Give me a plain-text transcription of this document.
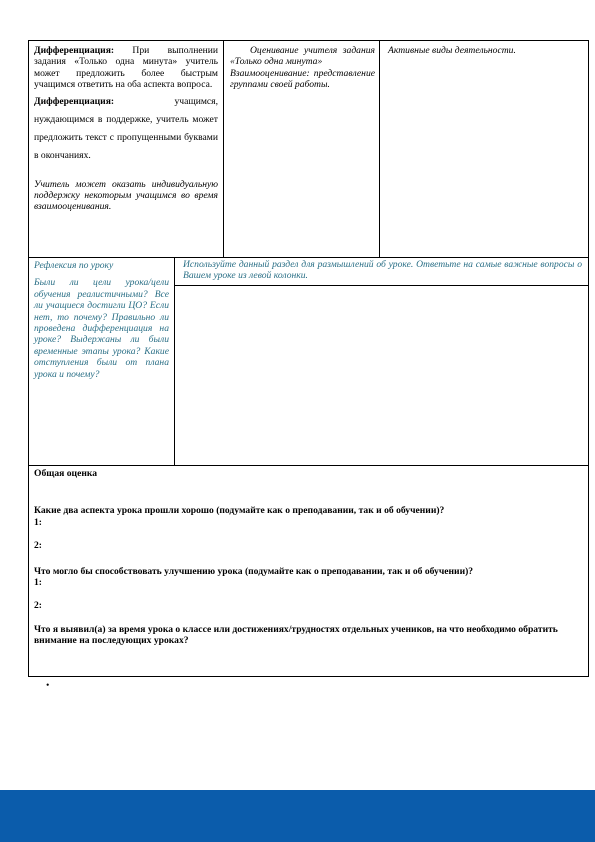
Дифференциация: При выполнении задания «Только одна минута» учитель может предложить более быстрым учащимся ответить на оба аспекта вопроса.

Дифференциация: учащимся, нуждающимся в поддержке, учитель может предложить текст с пропущенными буквами в окончаниях.

Учитель может оказать индивидуальную поддержку некоторым учащимся во время взаимооценивания.

Оценивание учителя задания «Только одна минута»

Взаимооценивание: представление группами своей работы.

Активные виды деятельности.

Рефлексия по уроку

Были ли цели урока/цели обучения реалистичными? Все ли учащиеся достигли ЦО? Если нет, то почему? Правильно ли проведена дифференциация на уроке? Выдержаны ли были временные этапы урока? Какие отступления были от плана урока и почему?

Используйте данный раздел для размышлений об уроке. Ответьте на самые важные вопросы о Вашем уроке из левой колонки.

Общая оценка

Какие два аспекта урока прошли хорошо (подумайте как о преподавании, так и об обучении)?

1:

2:

Что могло бы способствовать улучшению урока (подумайте как о преподавании, так и об обучении)?

1:

2:

Что я выявил(а) за время урока о классе или достижениях/трудностях отдельных учеников, на что необходимо обратить внимание на последующих уроках?

•
